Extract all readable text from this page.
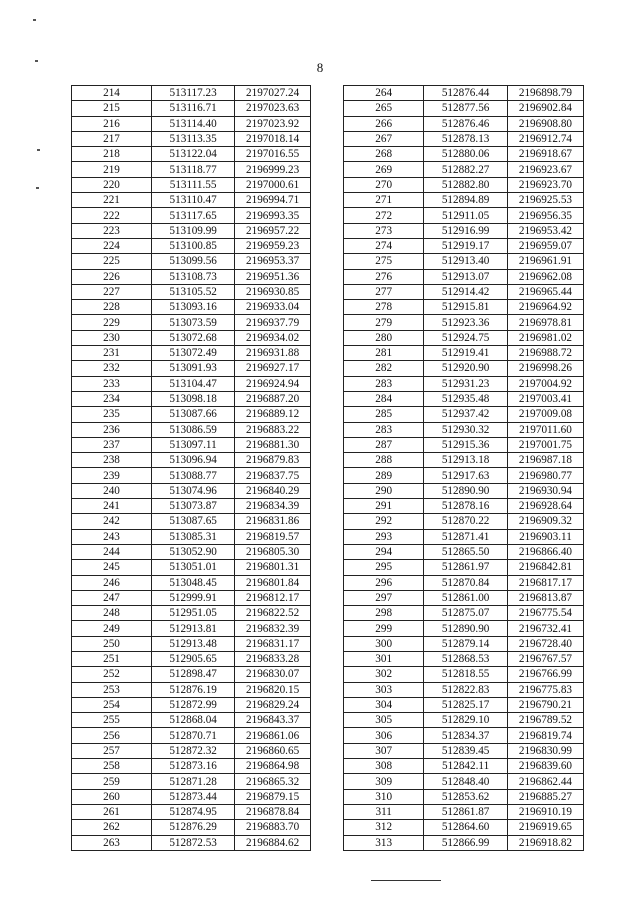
8
214	513117.23	2197027.24
215	513116.71	2197023.63
216	513114.40	2197023.92
217	513113.35	2197018.14
218	513122.04	2197016.55
219	513118.77	2196999.23
220	513111.55	2197000.61
221	513110.47	2196994.71
222	513117.65	2196993.35
223	513109.99	2196957.22
224	513100.85	2196959.23
225	513099.56	2196953.37
226	513108.73	2196951.36
227	513105.52	2196930.85
228	513093.16	2196933.04
229	513073.59	2196937.79
230	513072.68	2196934.02
231	513072.49	2196931.88
232	513091.93	2196927.17
233	513104.47	2196924.94
234	513098.18	2196887.20
235	513087.66	2196889.12
236	513086.59	2196883.22
237	513097.11	2196881.30
238	513096.94	2196879.83
239	513088.77	2196837.75
240	513074.96	2196840.29
241	513073.87	2196834.39
242	513087.65	2196831.86
243	513085.31	2196819.57
244	513052.90	2196805.30
245	513051.01	2196801.31
246	513048.45	2196801.84
247	512999.91	2196812.17
248	512951.05	2196822.52
249	512913.81	2196832.39
250	512913.48	2196831.17
251	512905.65	2196833.28
252	512898.47	2196830.07
253	512876.19	2196820.15
254	512872.99	2196829.24
255	512868.04	2196843.37
256	512870.71	2196861.06
257	512872.32	2196860.65
258	512873.16	2196864.98
259	512871.28	2196865.32
260	512873.44	2196879.15
261	512874.95	2196878.84
262	512876.29	2196883.70
263	512872.53	2196884.62
264	512876.44	2196898.79
265	512877.56	2196902.84
266	512876.46	2196908.80
267	512878.13	2196912.74
268	512880.06	2196918.67
269	512882.27	2196923.67
270	512882.80	2196923.70
271	512894.89	2196925.53
272	512911.05	2196956.35
273	512916.99	2196953.42
274	512919.17	2196959.07
275	512913.40	2196961.91
276	512913.07	2196962.08
277	512914.42	2196965.44
278	512915.81	2196964.92
279	512923.36	2196978.81
280	512924.75	2196981.02
281	512919.41	2196988.72
282	512920.90	2196998.26
283	512931.23	2197004.92
284	512935.48	2197003.41
285	512937.42	2197009.08
283	512930.32	2197011.60
287	512915.36	2197001.75
288	512913.18	2196987.18
289	512917.63	2196980.77
290	512890.90	2196930.94
291	512878.16	2196928.64
292	512870.22	2196909.32
293	512871.41	2196903.11
294	512865.50	2196866.40
295	512861.97	2196842.81
296	512870.84	2196817.17
297	512861.00	2196813.87
298	512875.07	2196775.54
299	512890.90	2196732.41
300	512879.14	2196728.40
301	512868.53	2196767.57
302	512818.55	2196766.99
303	512822.83	2196775.83
304	512825.17	2196790.21
305	512829.10	2196789.52
306	512834.37	2196819.74
307	512839.45	2196830.99
308	512842.11	2196839.60
309	512848.40	2196862.44
310	512853.62	2196885.27
311	512861.87	2196910.19
312	512864.60	2196919.65
313	512866.99	2196918.82
